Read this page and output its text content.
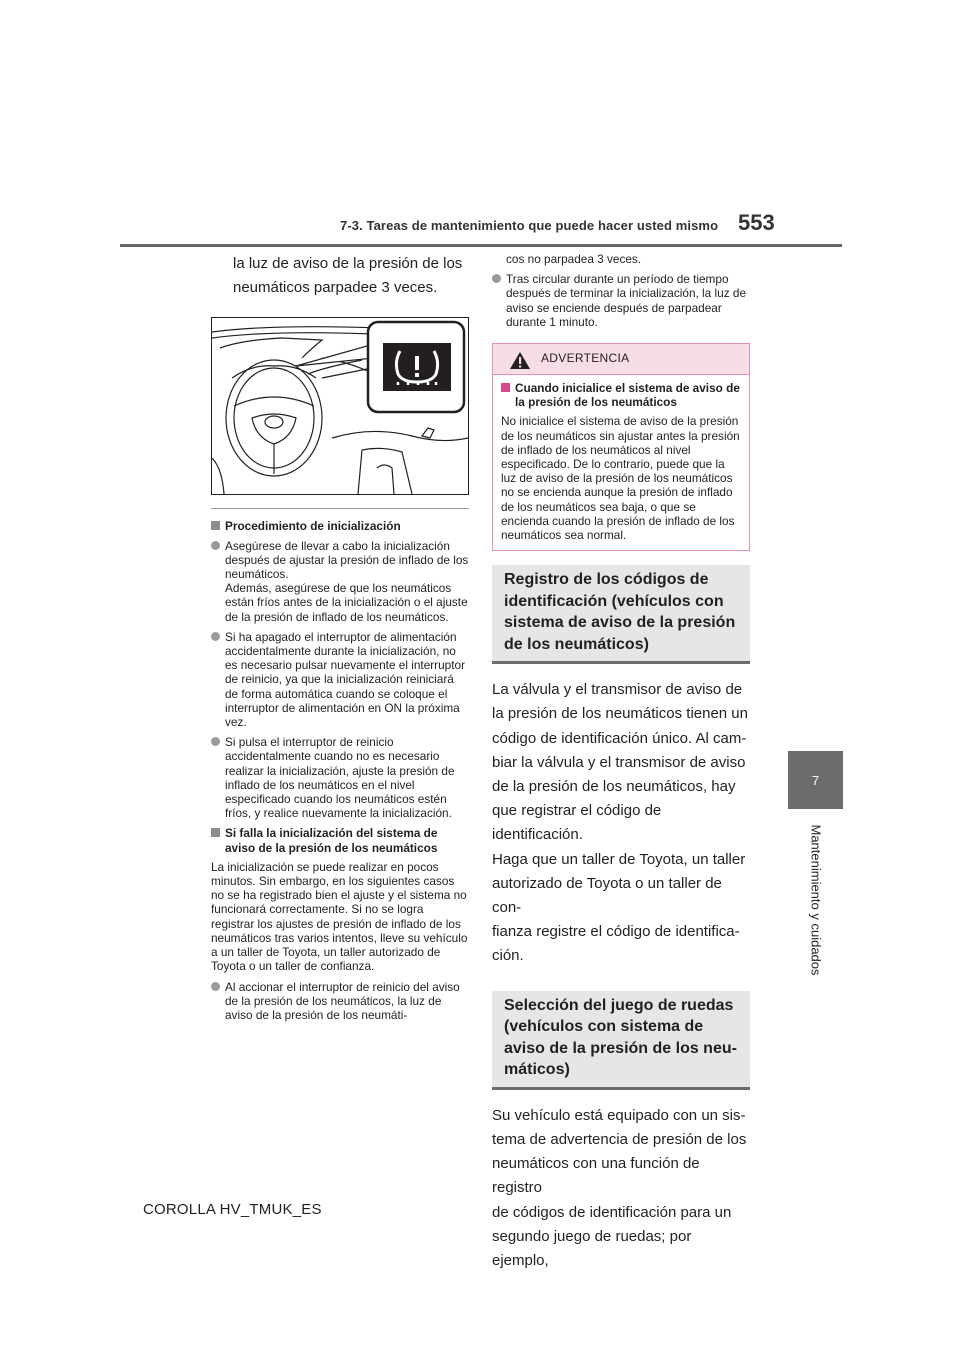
7-3. Tareas de mantenimiento que puede hacer usted mismo 553
7
Mantenimiento y cuidados
la luz de aviso de la presión de los
neumáticos parpadee 3 veces.
Procedimiento de inicialización
Asegúrese de llevar a cabo la inicialización después de ajustar la presión de inflado de los neumáticos.
Además, asegúrese de que los neumáticos están fríos antes de la inicialización o el ajuste de la presión de inflado de los neumáticos.
Si ha apagado el interruptor de alimentación accidentalmente durante la inicialización, no es necesario pulsar nuevamente el interruptor de reinicio, ya que la inicialización reiniciará de forma automática cuando se coloque el interruptor de alimentación en ON la próxima vez.
Si pulsa el interruptor de reinicio accidentalmente cuando no es necesario realizar la inicialización, ajuste la presión de inflado de los neumáticos en el nivel especificado cuando los neumáticos estén fríos, y realice nuevamente la inicialización.
Si falla la inicialización del sistema de aviso de la presión de los neumáticos
La inicialización se puede realizar en pocos minutos. Sin embargo, en los siguientes casos no se ha registrado bien el ajuste y el sistema no funcionará correctamente. Si no se logra registrar los ajustes de presión de inflado de los neumáticos tras varios intentos, lleve su vehículo a un taller de Toyota, un taller autorizado de Toyota o un taller de confianza.
Al accionar el interruptor de reinicio del aviso de la presión de los neumáticos, la luz de aviso de la presión de los neumáti-
cos no parpadea 3 veces.
Tras circular durante un período de tiempo después de terminar la inicialización, la luz de aviso se enciende después de parpadear durante 1 minuto.
ADVERTENCIA
Cuando inicialice el sistema de aviso de la presión de los neumáticos
No inicialice el sistema de aviso de la presión de los neumáticos sin ajustar antes la presión de inflado de los neumáticos al nivel especificado. De lo contrario, puede que la luz de aviso de la presión de los neumáticos no se encienda aunque la presión de inflado de los neumáticos sea baja, o que se encienda cuando la presión de inflado de los neumáticos sea normal.
Registro de los códigos de
identificación (vehículos con
sistema de aviso de la presión
de los neumáticos)
La válvula y el transmisor de aviso de
la presión de los neumáticos tienen un
código de identificación único. Al cam-
biar la válvula y el transmisor de aviso
de la presión de los neumáticos, hay
que registrar el código de identificación.
Haga que un taller de Toyota, un taller
autorizado de Toyota o un taller de con-
fianza registre el código de identifica-
ción.
Selección del juego de ruedas
(vehículos con sistema de
aviso de la presión de los neu-
máticos)
Su vehículo está equipado con un sis-
tema de advertencia de presión de los
neumáticos con una función de registro
de códigos de identificación para un
segundo juego de ruedas; por ejemplo,
COROLLA HV_TMUK_ES
